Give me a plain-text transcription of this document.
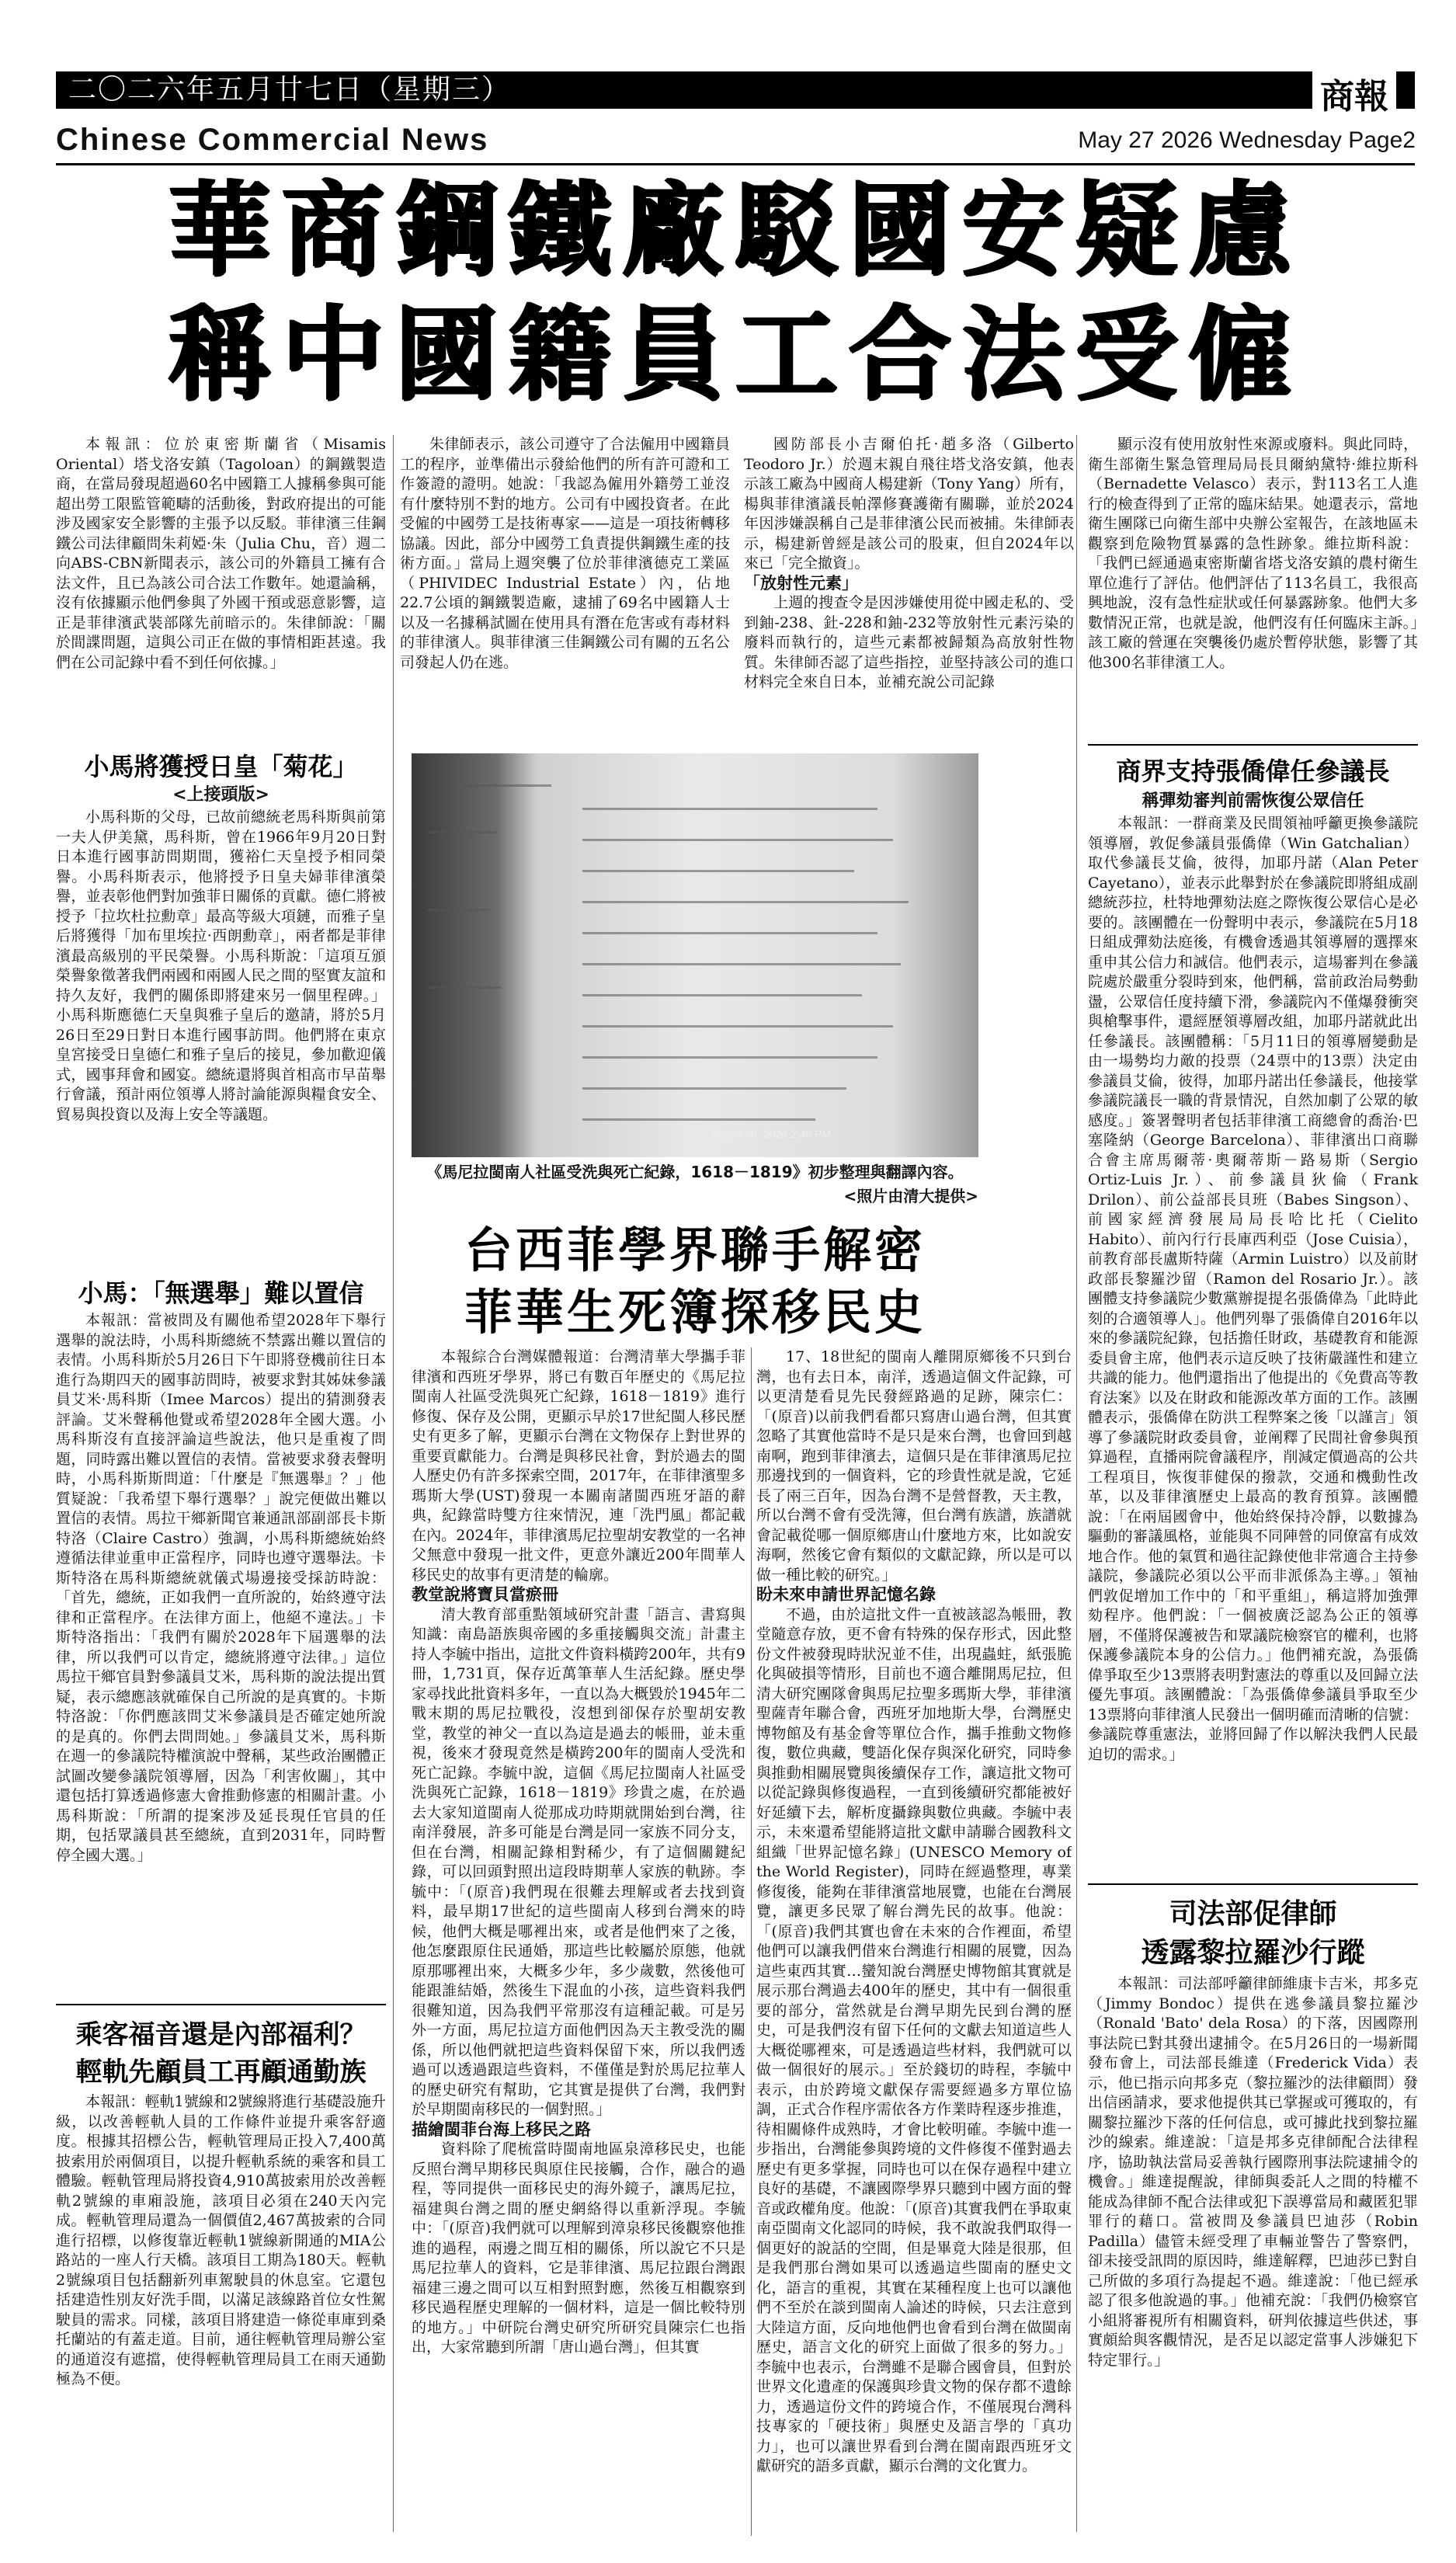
二〇二六年五月廿七日（星期三）	商報
Chinese Commercial News	May 27 2026 Wednesday Page2
華商鋼鐵廠駁國安疑慮
稱中國籍員工合法受僱

本報訊：位於東密斯蘭省（Misamis Oriental）塔戈洛安鎮（Tagoloan）的鋼鐵製造商，在當局發現超過60名中國籍工人據稱參與可能超出勞工限監管範疇的活動後，對政府提出的可能涉及國家安全影響的主張予以反駁。菲律濱三佳鋼鐵公司法律顧問朱莉婭·朱（Julia Chu，音）週二向ABS-CBN新聞表示，該公司的外籍員工擁有合法文件，且已為該公司合法工作數年。她還論稱，沒有依據顯示他們參與了外國干預或惡意影響，這正是菲律濱武裝部隊先前暗示的。朱律師說：「關於間諜問題，這與公司正在做的事情相距甚遠。我們在公司記錄中看不到任何依據。」

朱律師表示，該公司遵守了合法僱用中國籍員工的程序，並準備出示發給他們的所有許可證和工作簽證的證明。她說：「我認為僱用外籍勞工並沒有什麼特別不對的地方。公司有中國投資者。在此受僱的中國勞工是技術專家——這是一項技術轉移協議。因此，部分中國勞工負責提供鋼鐵生產的技術方面。」當局上週突襲了位於菲律濱德克工業區（PHIVIDEC Industrial Estate）內，佔地22.7公頃的鋼鐵製造廠，逮捕了69名中國籍人士以及一名據稱試圖在使用具有潛在危害或有毒材料的菲律濱人。與菲律濱三佳鋼鐵公司有關的五名公司發起人仍在逃。

國防部長小吉爾伯托·趙多洛（Gilberto Teodoro Jr.）於週末親自飛往塔戈洛安鎮，他表示該工廠為中國商人楊建新（Tony Yang）所有，楊與菲律濱議長帕澤修賽護衛有關聯，並於2024年因涉嫌誤稱自己是菲律濱公民而被捕。朱律師表示，楊建新曾經是該公司的股東，但自2024年以來已「完全撤資」。

「放射性元素」

上週的搜查令是因涉嫌使用從中國走私的、受到鈾-238、釷-228和鈾-232等放射性元素污染的廢料而執行的，這些元素都被歸類為高放射性物質。朱律師否認了這些指控，並堅持該公司的進口材料完全來自日本，並補充說公司記錄

顯示沒有使用放射性來源或廢料。與此同時，衛生部衛生緊急管理局局長貝爾納黛特·維拉斯科（Bernadette Velasco）表示，對113名工人進行的檢查得到了正常的臨床結果。她還表示，當地衛生團隊已向衛生部中央辦公室報告，在該地區未觀察到危險物質暴露的急性跡象。維拉斯科說：「我們已經通過東密斯蘭省塔戈洛安鎮的農村衛生單位進行了評估。他們評估了113名員工，我很高興地說，沒有急性症狀或任何暴露跡象。他們大多數情況正常，也就是說，他們沒有任何臨床主訴。」該工廠的營運在突襲後仍處於暫停狀態，影響了其他300名菲律濱工人。

小馬將獲授日皇「菊花」
<上接頭版>

小馬科斯的父母，已故前總統老馬科斯與前第一夫人伊美黛，馬科斯，曾在1966年9月20日對日本進行國事訪問期間，獲裕仁天皇授予相同榮譽。小馬科斯表示，他將授予日皇夫婦菲律濱榮譽，並表彰他們對加強菲日關係的貢獻。德仁將被授予「拉坎杜拉勳章」最高等級大項鏈，而雅子皇后將獲得「加布里埃拉·西朗勳章」，兩者都是菲律濱最高級別的平民榮譽。小馬科斯說：「這項互頒榮譽象徵著我們兩國和兩國人民之間的堅實友誼和持久友好，我們的關係即將建來另一個里程碑。」小馬科斯應德仁天皇與雅子皇后的邀請，將於5月26日至29日對日本進行國事訪問。他們將在東京皇宮接受日皇德仁和雅子皇后的接見，參加歡迎儀式，國事拜會和國宴。總統還將與首相高市早苗舉行會議，預計兩位領導人將討論能源與糧食安全、貿易與投資以及海上安全等議題。

小馬：「無選舉」難以置信

本報訊：當被問及有關他希望2028年下舉行選舉的說法時，小馬科斯總統不禁露出難以置信的表情。小馬科斯於5月26日下午即將登機前往日本進行為期四天的國事訪問時，被要求對其姊妹參議員艾米·馬科斯（Imee Marcos）提出的猜測發表評論。艾米聲稱他覺或希望2028年全國大選。小馬科斯沒有直接評論這些說法，他只是重複了問題，同時露出難以置信的表情。當被要求發表聲明時，小馬科斯斯問道：「什麼是『無選舉』？」他質疑說：「我希望下舉行選舉？」說完便做出難以置信的表情。馬拉干鄉新聞官兼通訊部副部長卡斯特洛（Claire Castro）強調，小馬科斯總統始終遵循法律並重申正當程序，同時也遵守選舉法。卡斯特洛在馬科斯總統就儀式場邊接受採訪時說：「首先，總統，正如我們一直所說的，始終遵守法律和正當程序。在法律方面上，他絕不違法。」卡斯特洛指出：「我們有關於2028年下屆選舉的法律，所以我們可以肯定，總統將遵守法律。」這位馬拉干鄉官員對參議員艾米，馬科斯的說法提出質疑，表示總應該就確保自己所說的是真實的。卡斯特洛說：「你們應該問艾米參議員是否確定她所說的是真的。你們去問問她。」參議員艾米，馬科斯在週一的參議院特權演說中聲稱，某些政治團體正試圖改變參議院領導層，因為「利害攸關」，其中還包括打算透過修憲大會推動修憲的相關計畫。小馬科斯說：「所謂的提案涉及延長現任官員的任期，包括眾議員甚至總統，直到2031年，同時暫停全國大選。」

乘客福音還是內部福利？
輕軌先顧員工再顧通勤族

本報訊：輕軌1號線和2號線將進行基礎設施升級，以改善輕軌人員的工作條件並提升乘客舒適度。根據其招標公告，輕軌管理局正投入7,400萬披索用於兩個項目，以提升輕軌系統的乘客和員工體驗。輕軌管理局將投資4,910萬披索用於改善輕軌2號線的車廂設施，該項目必須在240天內完成。輕軌管理局還為一個價值2,467萬披索的合同進行招標，以修復靠近輕軌1號線新開通的MIA公路站的一座人行天橋。該項目工期為180天。輕軌2號線項目包括翻新列車駕駛員的休息室。它還包括建造性別友好洗手間，以滿足該線路首位女性駕駛員的需求。同樣，該項目將建造一條從車庫到桑托蘭站的有蓋走道。目前，通往輕軌管理局辦公室的通道沒有遮擋，使得輕軌管理局員工在雨天通勤極為不便。

March 26, 2026 2:48 PM
《馬尼拉閩南人社區受洗與死亡紀錄，1618－1819》初步整理與翻譯內容。
<照片由清大提供>
台西菲學界聯手解密
菲華生死簿探移民史

本報綜合台灣媒體報道：台灣清華大學攜手菲律濱和西班牙學界，將已有數百年歷史的《馬尼拉閩南人社區受洗與死亡紀錄，1618－1819》進行修復、保存及公開，更顯示早於17世紀閩人移民歷史有更多了解，更顯示台灣在文物保存上對世界的重要貢獻能力。台灣是與移民社會，對於過去的閩人歷史仍有許多探索空間，2017年，在菲律濱聖多瑪斯大學(UST)發現一本關南諸閩西班牙語的辭典，紀錄當時雙方往來情況，連「洗門風」都記載在內。2024年，菲律濱馬尼拉聖胡安教堂的一名神父無意中發現一批文件，更意外讓近200年間華人移民史的故事有更清楚的輪廓。

教堂說將寶貝當瘀冊

清大教育部重點領域研究計畫「語言、書寫與知識：南島語族與帝國的多重接觸與交流」計畫主持人李毓中指出，這批文件資料橫跨200年，共有9冊，1,731頁，保存近萬筆華人生活紀錄。歷史學家尋找此批資料多年，一直以為大概毀於1945年二戰末期的馬尼拉戰役，沒想到卻保存於聖胡安教堂，教堂的神父一直以為這是過去的帳冊，並未重視，後來才發現竟然是橫跨200年的閩南人受洗和死亡記錄。李毓中說，這個《馬尼拉閩南人社區受洗與死亡記錄，1618－1819》珍貴之處，在於過去大家知道閩南人從那成功時期就開始到台灣，往南洋發展，許多可能是台灣是同一家族不同分支，但在台灣，相關記錄相對稀少，有了這個關鍵紀錄，可以回頭對照出這段時期華人家族的軌跡。李毓中：「(原音)我們現在很難去理解或者去找到資料，最早期17世紀的這些閩南人移到台灣來的時候，他們大概是哪裡出來，或者是他們來了之後，他怎麼跟原住民通婚，那這些比較屬於原態，他就原那哪裡出來，大概多少年，多少歲數，然後他可能跟誰結婚，然後生下混血的小孩，這些資料我們很難知道，因為我們平常那沒有這種記載。可是另外一方面，馬尼拉這方面他們因為天主教受洗的關係，所以他們就把這些資料保留下來，所以我們透過可以透過跟這些資料，不僅僅是對於馬尼拉華人的歷史研究有幫助，它其實是提供了台灣，我們對於早期閩南移民的一個對照。」

描繪閩菲台海上移民之路

資料除了爬梳當時閩南地區泉漳移民史，也能反照台灣早期移民與原住民接觸，合作，融合的過程，等同提供一面移民史的海外鏡子，讓馬尼拉，福建與台灣之間的歷史網絡得以重新浮現。李毓中：「(原音)我們就可以理解到漳泉移民後觀察他推進的過程，兩邊之間互相的關係，所以說它不只是馬尼拉華人的資料，它是菲律濱、馬尼拉跟台灣跟福建三邊之間可以互相對照對應，然後互相觀察到移民過程歷史理解的一個材料，這是一個比較特別的地方。」中研院台灣史研究所研究員陳宗仁也指出，大家常聽到所謂「唐山過台灣」，但其實

17、18世紀的閩南人離開原鄉後不只到台灣，也有去日本，南洋，透過這個文件記錄，可以更清楚看見先民發經路過的足跡，陳宗仁：「(原音)以前我們看都只寫唐山過台灣，但其實忽略了其實他當時不是只是來台灣，也會回到越南啊，跑到菲律濱去，這個只是在菲律濱馬尼拉那邊找到的一個資料，它的珍貴性就是說，它延長了兩三百年，因為台灣不是營督教，天主教，所以台灣不會有受洗簿，但台灣有族譜，族譜就會記載從哪一個原鄉唐山什麼地方來，比如說安海啊，然後它會有類似的文獻記錄，所以是可以做一種比較的研究。」

盼未來申請世界記憶名錄

不過，由於這批文件一直被該認為帳冊，教堂隨意存放，更不會有特殊的保存形式，因此整份文件被發現時狀況並不佳，出現蟲蛀，紙張脆化與破損等情形，目前也不適合離開馬尼拉，但清大研究團隊會與馬尼拉聖多瑪斯大學，菲律濱聖薩青年聯合會，西班牙加地斯大學，台灣歷史博物館及有基金會等單位合作，攜手推動文物修復，數位典藏，雙語化保存與深化研究，同時參與推動相關展覽與後續保存工作，讓這批文物可以從記錄與修復過程，一直到後續研究都能被好好延續下去，解析度攝錄與數位典藏。李毓中表示，未來還希望能將這批文獻申請聯合國教科文組織「世界記憶名錄」(UNESCO Memory of the World Register)，同時在經過整理，專業修復後，能夠在菲律濱當地展覽，也能在台灣展覽，讓更多民眾了解台灣先民的故事。他說：「(原音)我們其實也會在未來的合作裡面，希望他們可以讓我們借來台灣進行相關的展覽，因為這些東西其實…蠻知說台灣歷史博物館其實就是展示那台灣過去400年的歷史，其中有一個很重要的部分，當然就是台灣早期先民到台灣的歷史，可是我們沒有留下任何的文獻去知道這些人大概從哪裡來，可是透過這些材料，我們就可以做一個很好的展示。」至於錢切的時程，李毓中表示，由於跨境文獻保存需要經過多方單位協調，正式合作程序需依各方作業時程逐步推進，待相關條件成熟時，才會比較明確。李毓中進一步指出，台灣能參與跨境的文件修復不僅對過去歷史有更多掌握，同時也可以在保存過程中建立良好的基礎，不讓國際學界只聽到中國方面的聲音或政權角度。他說：「(原音)其實我們在爭取東南亞閩南文化認同的時候，我不敢說我們取得一個更好的說話的空間，但是畢竟大陸是很那，但是我們那台灣如果可以透過這些閩南的歷史文化，語言的重視，其實在某種程度上也可以讓他們不至於在談到閩南人論述的時候，只去注意到大陸這方面，反向地他們也會看到台灣在做閩南歷史，語言文化的研究上面做了很多的努力。」李毓中也表示，台灣雖不是聯合國會員，但對於世界文化遺產的保護與珍貴文物的保存都不遺餘力，透過這份文件的跨境合作，不僅展現台灣科技專家的「硬技術」與歷史及語言學的「真功力」，也可以讓世界看到台灣在閩南跟西班牙文獻研究的語多貢獻，顯示台灣的文化實力。

商界支持張僑偉任參議長
稱彈劾審判前需恢復公眾信任

本報訊：一群商業及民間領袖呼籲更換參議院領導層，敦促參議員張僑偉（Win Gatchalian）取代參議長艾倫，彼得，加耶丹諾（Alan Peter Cayetano），並表示此舉對於在參議院即將組成副總統莎拉，杜特地彈劾法庭之際恢復公眾信心是必要的。該團體在一份聲明中表示，參議院在5月18日組成彈劾法庭後，有機會透過其領導層的選擇來重申其公信力和誠信。他們表示，這場審判在參議院處於嚴重分裂時到來，他們稱，當前政治局勢動盪，公眾信任度持續下滑，參議院內不僅爆發衝突與槍擊事件，還經歷領導層改組，加耶丹諾就此出任參議長。該團體稱：「5月11日的領導層變動是由一場勢均力敵的投票（24票中的13票）決定由參議員艾倫，彼得，加耶丹諾出任參議長，他接掌參議院議長一職的背景情況，自然加劇了公眾的敏感度。」簽署聲明者包括菲律濱工商總會的喬治·巴塞隆納（George Barcelona）、菲律濱出口商聯合會主席馬爾蒂·奧爾蒂斯－路易斯（Sergio Ortiz-Luis Jr.）、前參議員狄倫（Frank Drilon）、前公益部長貝班（Babes Singson）、前國家經濟發展局局長哈比托（Cielito Habito）、前內行行長庫西利亞（Jose Cuisia），前教育部長盧斯特薩（Armin Luistro）以及前財政部長黎羅沙留（Ramon del Rosario Jr.）。該團體支持參議院少數黨辦提提名張僑偉為「此時此刻的合適領導人」。他們列舉了張僑偉自2016年以來的參議院紀錄，包括擔任財政，基礎教育和能源委員會主席，他們表示這反映了技術嚴謹性和建立共識的能力。他們還指出了他提出的《免費高等教育法案》以及在財政和能源改革方面的工作。該團體表示，張僑偉在防洪工程弊案之後「以謹言」領導了參議院財政委員會，並阐釋了民間社會參與預算過程，直播兩院會議程序，削減定價過高的公共工程項目，恢復菲健保的撥款，交通和機動性改革，以及菲律濱歷史上最高的教育預算。該團體說：「在兩屆國會中，他始終保持冷靜，以數據為驅動的審議風格，並能與不同陣營的同僚富有成效地合作。他的氣質和過往記錄使他非常適合主持參議院，參議院必須以公平而非派係為主導。」領袖們敦促增加工作中的「和平重組」，稱這將加強彈劾程序。他們說：「一個被廣泛認為公正的領導層，不僅將保護被告和眾議院檢察官的權利，也將保護參議院本身的公信力。」他們補充說，為張僑偉爭取至少13票將表明對憲法的尊重以及回歸立法優先事項。該團體說：「為張僑偉參議員爭取至少13票將向菲律濱人民發出一個明確而清晰的信號：參議院尊重憲法，並將回歸了作以解決我們人民最迫切的需求。」

司法部促律師
透露黎拉羅沙行蹤

本報訊：司法部呼籲律師維康卡吉米，邦多克（Jimmy Bondoc）提供在逃參議員黎拉羅沙（Ronald 'Bato' dela Rosa）的下落，因國際刑事法院已對其發出逮捕令。在5月26日的一場新聞發布會上，司法部長維達（Frederick Vida）表示，他已指示向邦多克（黎拉羅沙的法律顧問）發出信函請求，要求他提供其已掌握或可獲取的，有關黎拉羅沙下落的任何信息，或可據此找到黎拉羅沙的線索。維達說：「這是邦多克律師配合法律程序，協助執法當局妥善執行國際刑事法院逮捕令的機會。」維達提醒說，律師與委託人之間的特權不能成為律師不配合法律或犯下誤導當局和藏匿犯罪罪行的藉口。當被問及參議員巴迪莎（Robin Padilla）儘管未經受理了車輛並警告了警察們，卻未接受訊問的原因時，維達解釋，巴迪莎已對自己所做的多項行為提起不過。維達說：「他已經承認了很多他說過的事。」他補充說：「我們仍檢察官小組將審視所有相關資料，研判依據這些供述，事實頗給與客觀情況，是否足以認定當事人涉嫌犯下特定罪行。」
